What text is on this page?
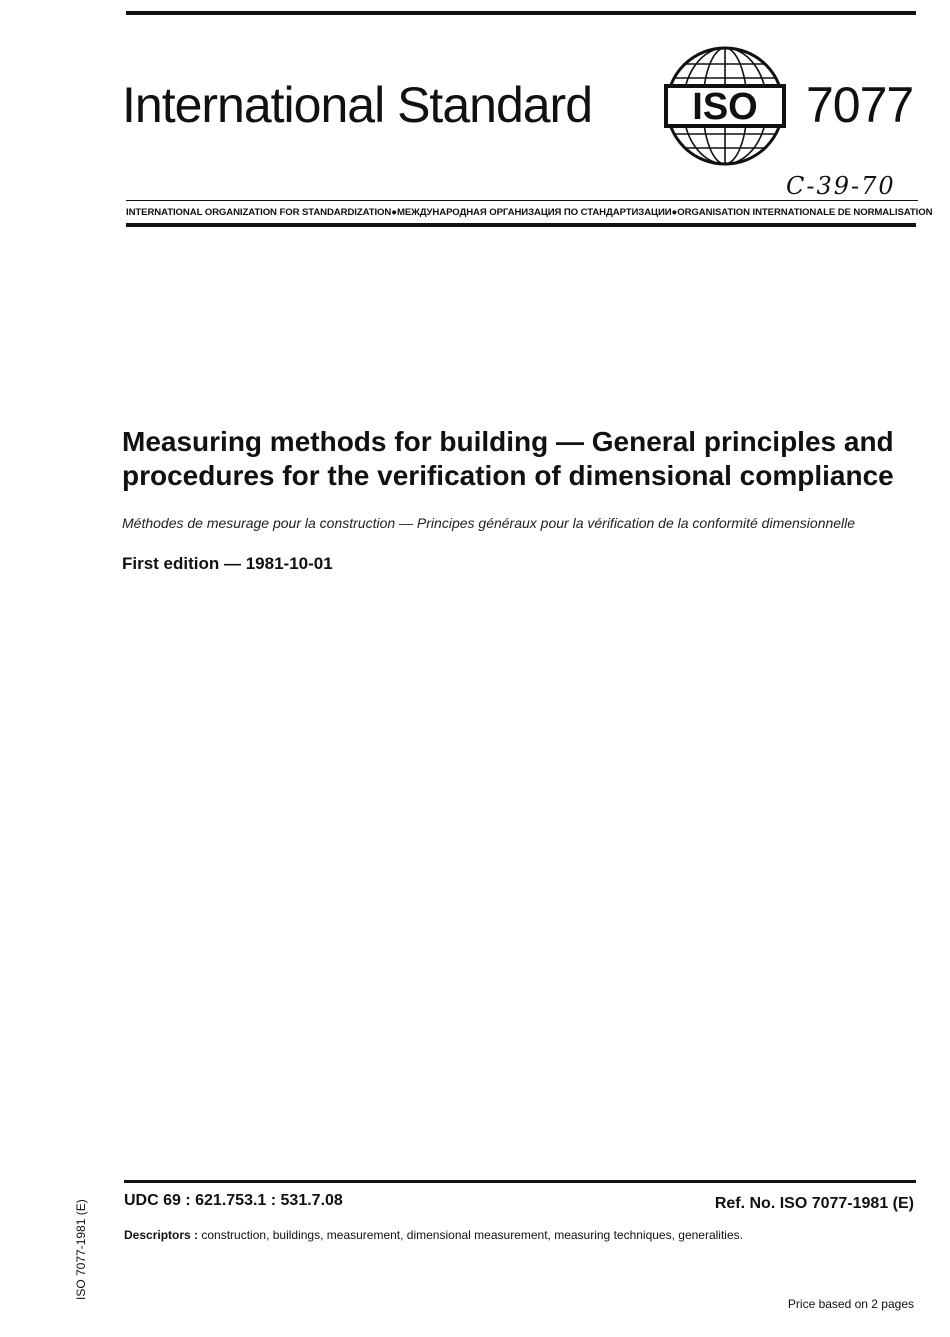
International Standard	ISO 7077
C-39-70
INTERNATIONAL ORGANIZATION FOR STANDARDIZATION●МЕЖДУНАРОДНАЯ ОРГАНИЗАЦИЯ ПО СТАНДАРТИЗАЦИИ●ORGANISATION INTERNATIONALE DE NORMALISATION
Measuring methods for building — General principles and
procedures for the verification of dimensional compliance
Méthodes de mesurage pour la construction — Principes généraux pour la vérification de la conformité dimensionnelle
First edition — 1981-10-01
UDC 69 : 621.753.1 : 531.7.08	Ref. No. ISO 7077-1981 (E)
Descriptors : construction, buildings, measurement, dimensional measurement, measuring techniques, generalities.
ISO 7077-1981 (E)
Price based on 2 pages
